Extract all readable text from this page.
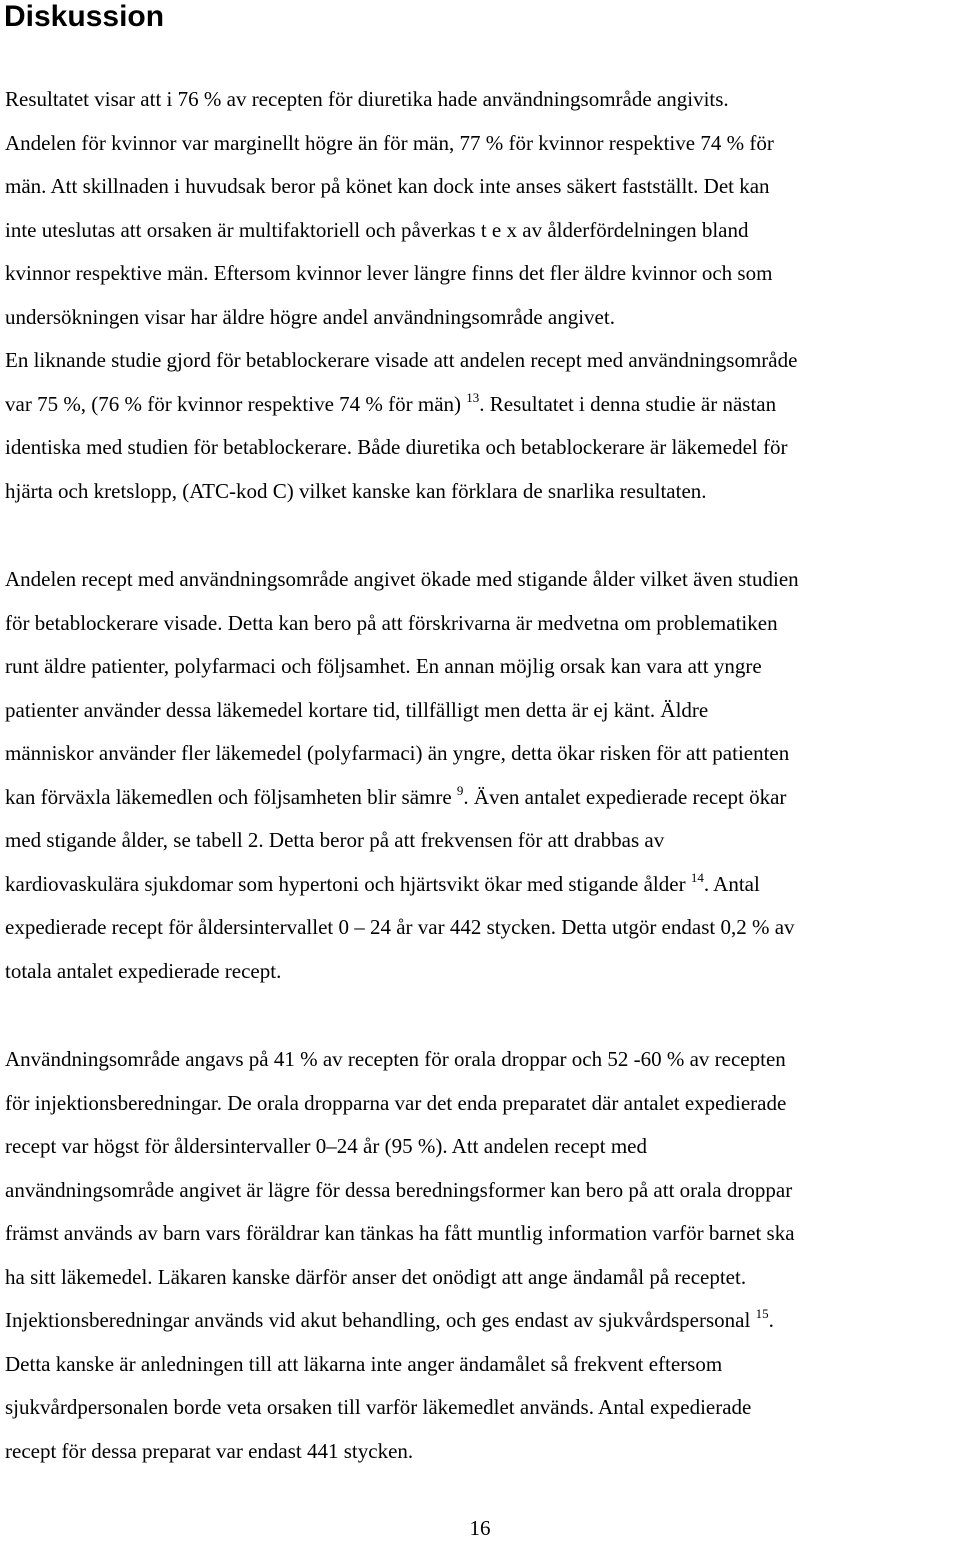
Diskussion
Resultatet visar att i 76 % av recepten för diuretika hade användningsområde angivits.
Andelen för kvinnor var marginellt högre än för män, 77 % för kvinnor respektive 74 % för
män. Att skillnaden i huvudsak beror på könet kan dock inte anses säkert fastställt. Det kan
inte uteslutas att orsaken är multifaktoriell och påverkas t e x av ålderfördelningen bland
kvinnor respektive män. Eftersom kvinnor lever längre finns det fler äldre kvinnor och som
undersökningen visar har äldre högre andel användningsområde angivet.
En liknande studie gjord för betablockerare visade att andelen recept med användningsområde
var 75 %, (76 % för kvinnor respektive 74 % för män) $^{13}$. Resultatet i denna studie är nästan
identiska med studien för betablockerare. Både diuretika och betablockerare är läkemedel för
hjärta och kretslopp, (ATC-kod C) vilket kanske kan förklara de snarlika resultaten.
Andelen recept med användningsområde angivet ökade med stigande ålder vilket även studien
för betablockerare visade. Detta kan bero på att förskrivarna är medvetna om problematiken
runt äldre patienter, polyfarmaci och följsamhet. En annan möjlig orsak kan vara att yngre
patienter använder dessa läkemedel kortare tid, tillfälligt men detta är ej känt. Äldre
människor använder fler läkemedel (polyfarmaci) än yngre, detta ökar risken för att patienten
kan förväxla läkemedlen och följsamheten blir sämre $^9$. Även antalet expedierade recept ökar
med stigande ålder, se tabell 2. Detta beror på att frekvensen för att drabbas av
kardiovaskulära sjukdomar som hypertoni och hjärtsvikt ökar med stigande ålder $^{14}$. Antal
expedierade recept för åldersintervallet 0 – 24 år var 442 stycken. Detta utgör endast 0,2 % av
totala antalet expedierade recept.
Användningsområde angavs på 41 % av recepten för orala droppar och 52 -60 % av recepten
för injektionsberedningar. De orala dropparna var det enda preparatet där antalet expedierade
recept var högst för åldersintervaller 0–24 år (95 %). Att andelen recept med
användningsområde angivet är lägre för dessa beredningsformer kan bero på att orala droppar
främst används av barn vars föräldrar kan tänkas ha fått muntlig information varför barnet ska
ha sitt läkemedel. Läkaren kanske därför anser det onödigt att ange ändamål på receptet.
Injektionsberedningar används vid akut behandling, och ges endast av sjukvårdspersonal $^{15}$.
Detta kanske är anledningen till att läkarna inte anger ändamålet så frekvent eftersom
sjukvårdpersonalen borde veta orsaken till varför läkemedlet används. Antal expedierade
recept för dessa preparat var endast 441 stycken.
16
